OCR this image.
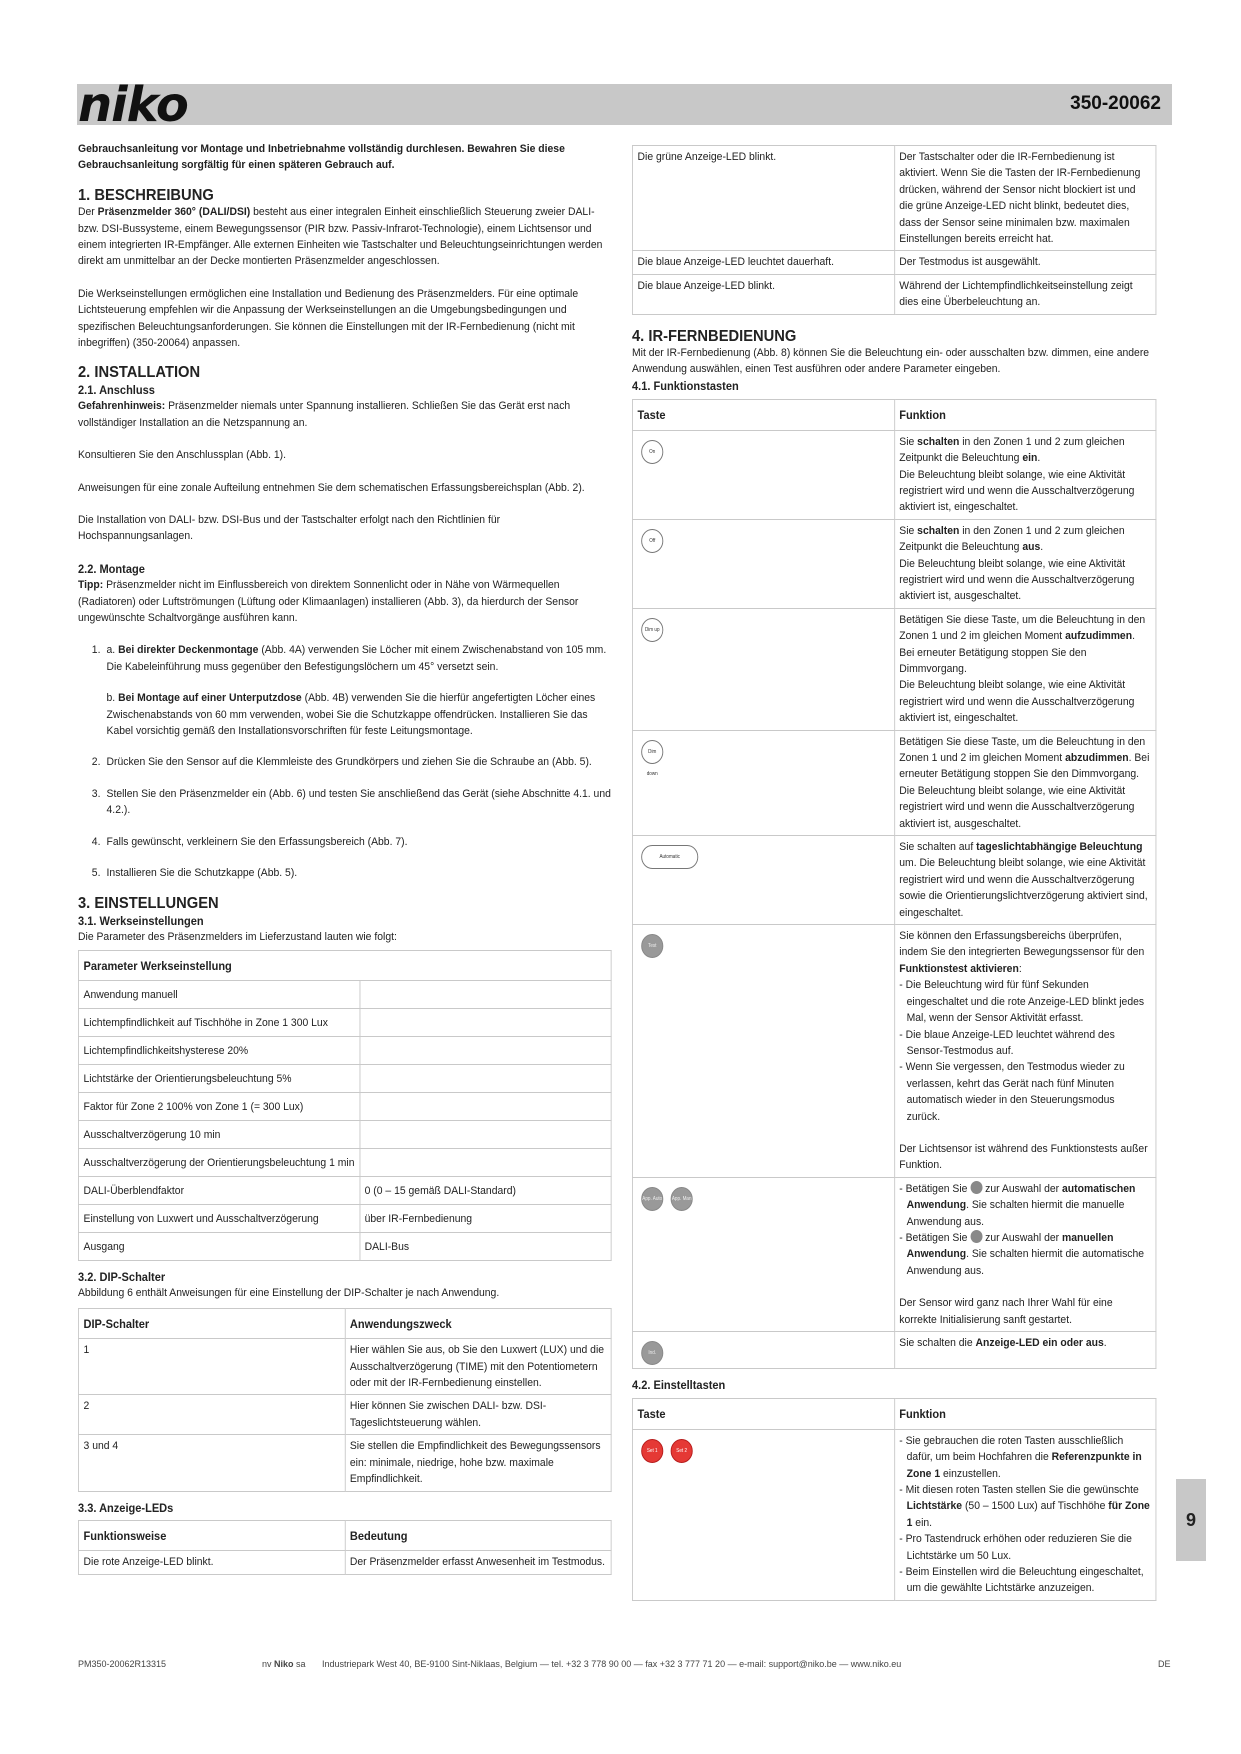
niko	350-20062

Gebrauchsanleitung vor Montage und Inbetriebnahme vollständig durchlesen. Bewahren Sie diese Gebrauchsanleitung sorgfältig für einen späteren Gebrauch auf.

1. BESCHREIBUNG

Der Präsenzmelder 360° (DALI/DSI) besteht aus einer integralen Einheit einschließlich Steuerung zweier DALI- bzw. DSI-Bussysteme, einem Bewegungssensor (PIR bzw. Passiv-Infrarot-Technologie), einem Lichtsensor und einem integrierten IR-Empfänger. Alle externen Einheiten wie Tastschalter und Beleuchtungseinrichtungen werden direkt am unmittelbar an der Decke montierten Präsenzmelder angeschlossen.

Die Werkseinstellungen ermöglichen eine Installation und Bedienung des Präsenzmelders. Für eine optimale Lichtsteuerung empfehlen wir die Anpassung der Werkseinstellungen an die Umgebungsbedingungen und spezifischen Beleuchtungsanforderungen. Sie können die Einstellungen mit der IR-Fernbedienung (nicht mit inbegriffen) (350-20064) anpassen.

2. INSTALLATION
2.1. Anschluss

Gefahrenhinweis: Präsenzmelder niemals unter Spannung installieren. Schließen Sie das Gerät erst nach vollständiger Installation an die Netzspannung an.

Konsultieren Sie den Anschlussplan (Abb. 1).

Anweisungen für eine zonale Aufteilung entnehmen Sie dem schematischen Erfassungsbereichsplan (Abb. 2).

Die Installation von DALI- bzw. DSI-Bus und der Tastschalter erfolgt nach den Richtlinien für Hochspannungsanlagen.

2.2. Montage

Tipp: Präsenzmelder nicht im Einflussbereich von direktem Sonnenlicht oder in Nähe von Wärmequellen (Radiatoren) oder Luftströmungen (Lüftung oder Klimaanlagen) installieren (Abb. 3), da hierdurch der Sensor ungewünschte Schaltvorgänge ausführen kann.

1. a. Bei direkter Deckenmontage (Abb. 4A) verwenden Sie Löcher mit einem Zwischenabstand von 105 mm. Die Kabeleinführung muss gegenüber den Befestigungslöchern um 45° versetzt sein.
b. Bei Montage auf einer Unterputzdose (Abb. 4B) verwenden Sie die hierfür angefertigten Löcher eines Zwischenabstands von 60 mm verwenden, wobei Sie die Schutzkappe offendrücken. Installieren Sie das Kabel vorsichtig gemäß den Installationsvorschriften für feste Leitungsmontage.
2. Drücken Sie den Sensor auf die Klemmleiste des Grundkörpers und ziehen Sie die Schraube an (Abb. 5).
3. Stellen Sie den Präsenzmelder ein (Abb. 6) und testen Sie anschließend das Gerät (siehe Abschnitte 4.1. und 4.2.).
4. Falls gewünscht, verkleinern Sie den Erfassungsbereich (Abb. 7).
5. Installieren Sie die Schutzkappe (Abb. 5).
3. EINSTELLUNGEN
3.1. Werkseinstellungen

Die Parameter des Präsenzmelders im Lieferzustand lauten wie folgt:

Parameter Werkseinstellung	
Anwendung manuell	
Lichtempfindlichkeit auf Tischhöhe in Zone 1 300 Lux	
Lichtempfindlichkeitshysterese 20%	
Lichtstärke der Orientierungsbeleuchtung 5%	
Faktor für Zone 2 100% von Zone 1 (= 300 Lux)	
Ausschaltverzögerung 10 min	
Ausschaltverzögerung der Orientierungsbeleuchtung 1 min	
DALI-Überblendfaktor	0 (0 – 15 gemäß DALI-Standard)
Einstellung von Luxwert und Ausschaltverzögerung	über IR-Fernbedienung
Ausgang	DALI-Bus
3.2. DIP-Schalter

Abbildung 6 enthält Anweisungen für eine Einstellung der DIP-Schalter je nach Anwendung.

DIP-Schalter	Anwendungszweck
1	Hier wählen Sie aus, ob Sie den Luxwert (LUX) und die Ausschaltverzögerung (TIME) mit den Potentiometern oder mit der IR-Fernbedienung einstellen.
2	Hier können Sie zwischen DALI- bzw. DSI-Tageslichtsteuerung wählen.
3 und 4	Sie stellen die Empfindlichkeit des Bewegungssensors ein: minimale, niedrige, hohe bzw. maximale Empfindlichkeit.
3.3. Anzeige-LEDs
Funktionsweise	Bedeutung
Die rote Anzeige-LED blinkt.	Der Präsenzmelder erfasst Anwesenheit im Testmodus.
Die grüne Anzeige-LED blinkt.	Der Tastschalter oder die IR-Fernbedienung ist aktiviert. Wenn Sie die Tasten der IR-Fernbedienung drücken, während der Sensor nicht blockiert ist und die grüne Anzeige-LED nicht blinkt, bedeutet dies, dass der Sensor seine minimalen bzw. maximalen Einstellungen bereits erreicht hat.
Die blaue Anzeige-LED leuchtet dauerhaft.	Der Testmodus ist ausgewählt.
Die blaue Anzeige-LED blinkt.	Während der Lichtempfindlichkeitseinstellung zeigt dies eine Überbeleuchtung an.
4. IR-FERNBEDIENUNG

Mit der IR-Fernbedienung (Abb. 8) können Sie die Beleuchtung ein- oder ausschalten bzw. dimmen, eine andere Anwendung auswählen, einen Test ausführen oder andere Parameter eingeben.

4.1. Funktionstasten
Taste	Funktion
On	Sie schalten in den Zonen 1 und 2 zum gleichen Zeitpunkt die Beleuchtung ein.
Die Beleuchtung bleibt solange, wie eine Aktivität registriert wird und wenn die Ausschaltverzögerung aktiviert ist, eingeschaltet.
Off	Sie schalten in den Zonen 1 und 2 zum gleichen Zeitpunkt die Beleuchtung aus.
Die Beleuchtung bleibt solange, wie eine Aktivität registriert wird und wenn die Ausschaltverzögerung aktiviert ist, ausgeschaltet.
Dim up	Betätigen Sie diese Taste, um die Beleuchtung in den Zonen 1 und 2 im gleichen Moment aufzudimmen. Bei erneuter Betätigung stoppen Sie den Dimmvorgang.
Die Beleuchtung bleibt solange, wie eine Aktivität registriert wird und wenn die Ausschaltverzögerung aktiviert ist, eingeschaltet.
Dim down	Betätigen Sie diese Taste, um die Beleuchtung in den Zonen 1 und 2 im gleichen Moment abzudimmen. Bei erneuter Betätigung stoppen Sie den Dimmvorgang.
Die Beleuchtung bleibt solange, wie eine Aktivität registriert wird und wenn die Ausschaltverzögerung aktiviert ist, ausgeschaltet.
Automatic	Sie schalten auf tageslichtabhängige Beleuchtung um. Die Beleuchtung bleibt solange, wie eine Aktivität registriert wird und wenn die Ausschaltverzögerung sowie die Orientierungslichtverzögerung aktiviert sind, eingeschaltet.
Test	Sie können den Erfassungsbereichs überprüfen, indem Sie den integrierten Bewegungssensor für den Funktionstest aktivieren:
- Die Beleuchtung wird für fünf Sekunden eingeschaltet und die rote Anzeige-LED blinkt jedes Mal, wenn der Sensor Aktivität erfasst.
- Die blaue Anzeige-LED leuchtet während des Sensor-Testmodus auf.
- Wenn Sie vergessen, den Testmodus wieder zu verlassen, kehrt das Gerät nach fünf Minuten automatisch wieder in den Steuerungsmodus zurück.
Der Lichtsensor ist während des Funktionstests außer Funktion.
App. Auto App. Man	- Betätigen Sie  zur Auswahl der automatischen Anwendung. Sie schalten hiermit die manuelle Anwendung aus.
- Betätigen Sie  zur Auswahl der manuellen Anwendung. Sie schalten hiermit die automatische Anwendung aus.
Der Sensor wird ganz nach Ihrer Wahl für eine korrekte Initialisierung sanft gestartet.
Ind.	Sie schalten die Anzeige-LED ein oder aus.
4.2. Einstelltasten
Taste	Funktion
Set 1 Set 2	- Sie gebrauchen die roten Tasten ausschließlich dafür, um beim Hochfahren die Referenzpunkte in Zone 1 einzustellen.
- Mit diesen roten Tasten stellen Sie die gewünschte Lichtstärke (50 – 1500 Lux) auf Tischhöhe für Zone 1 ein.
- Pro Tastendruck erhöhen oder reduzieren Sie die Lichtstärke um 50 Lux.
- Beim Einstellen wird die Beleuchtung eingeschaltet, um die gewählte Lichtstärke anzuzeigen.
9
PM350-20062R13315	nv Niko sa Industriepark West 40, BE-9100 Sint-Niklaas, Belgium — tel. +32 3 778 90 00 — fax +32 3 777 71 20 — e-mail: support@niko.be — www.niko.eu	DE
